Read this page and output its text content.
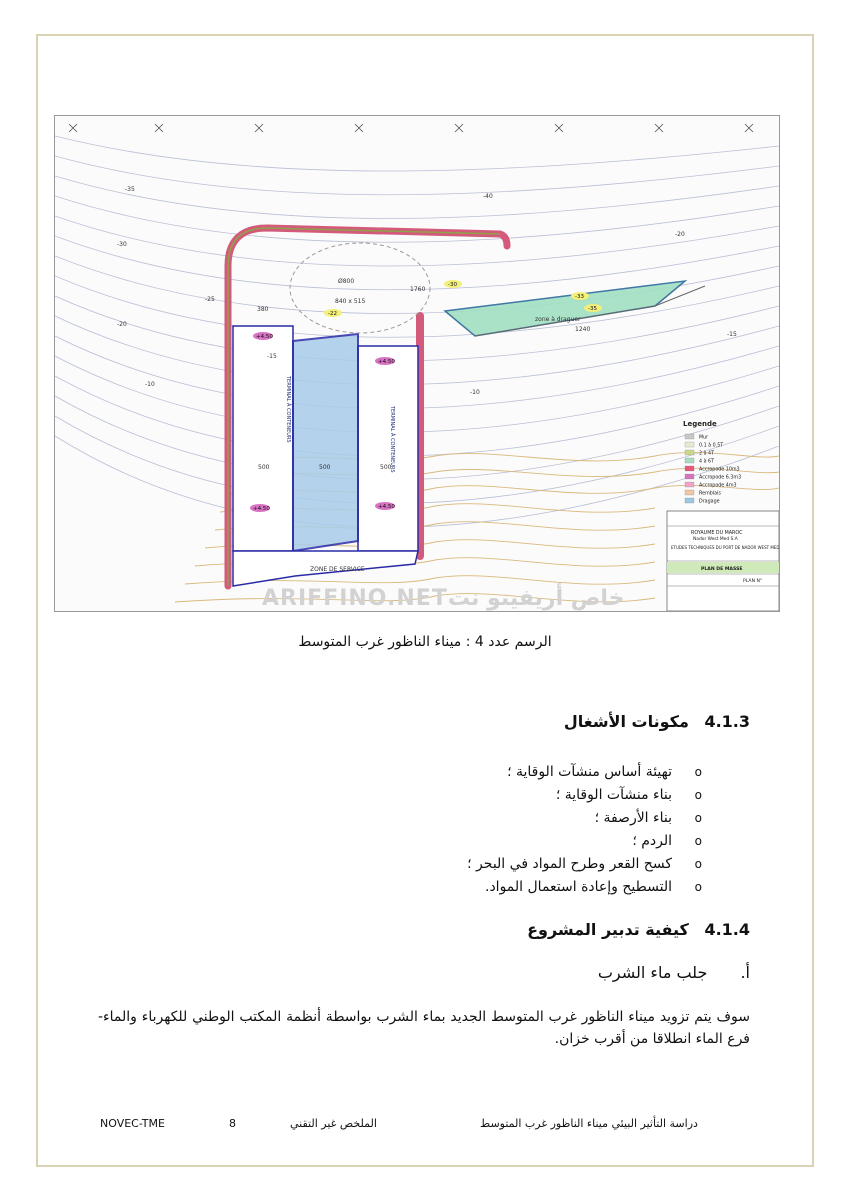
-35
-30
-25
-20
-15
-10
-40
-20
-15
-10
380
1760
840 x 515
Ø800
500	500	500
1240
zone à draguer
ZONE DE SERVICE
+4.50
+4.50
+4.50	+4.50
-22
-33
-30
-35
TERMINAL À CONTENEURS	TERMINAL À CONTENEURS	Legende
Mur
0.1 à 0.5T
2 à 4T
4 à 6T
Accropode 10m3
Accropode 6.3m3
Accropode 4m3
Remblais
Dragage
ROYAUME DU MAROC
Nador West Med S.A
ETUDES TECHNIQUES DU PORT DE NADOR WEST MED
PLAN DE MASSE
PLAN N°
ARIFFINO.NETخاص أريفينو نت
الرسم عدد 4 : ميناء الناظور غرب المتوسط
4.1.3 مكونات الأشغال
o
تهيئة أساس منشآت الوقاية ؛
o
بناء منشآت الوقاية ؛
o
بناء الأرصفة ؛
o
الردم ؛
o
كسح القعر وطرح المواد في البحر ؛
o
التسطيح وإعادة استعمال المواد.
4.1.4 كيفية تدبير المشروع
أ. جلب ماء الشرب
سوف يتم تزويد ميناء الناظور غرب المتوسط الجديد بماء الشرب بواسطة أنظمة المكتب الوطني للكهرباء والماء-فرع الماء انطلاقا من أقرب خزان.
NOVEC-TME	8	الملخص غير التقني	دراسة التأثير البيئي ميناء الناظور غرب المتوسط
